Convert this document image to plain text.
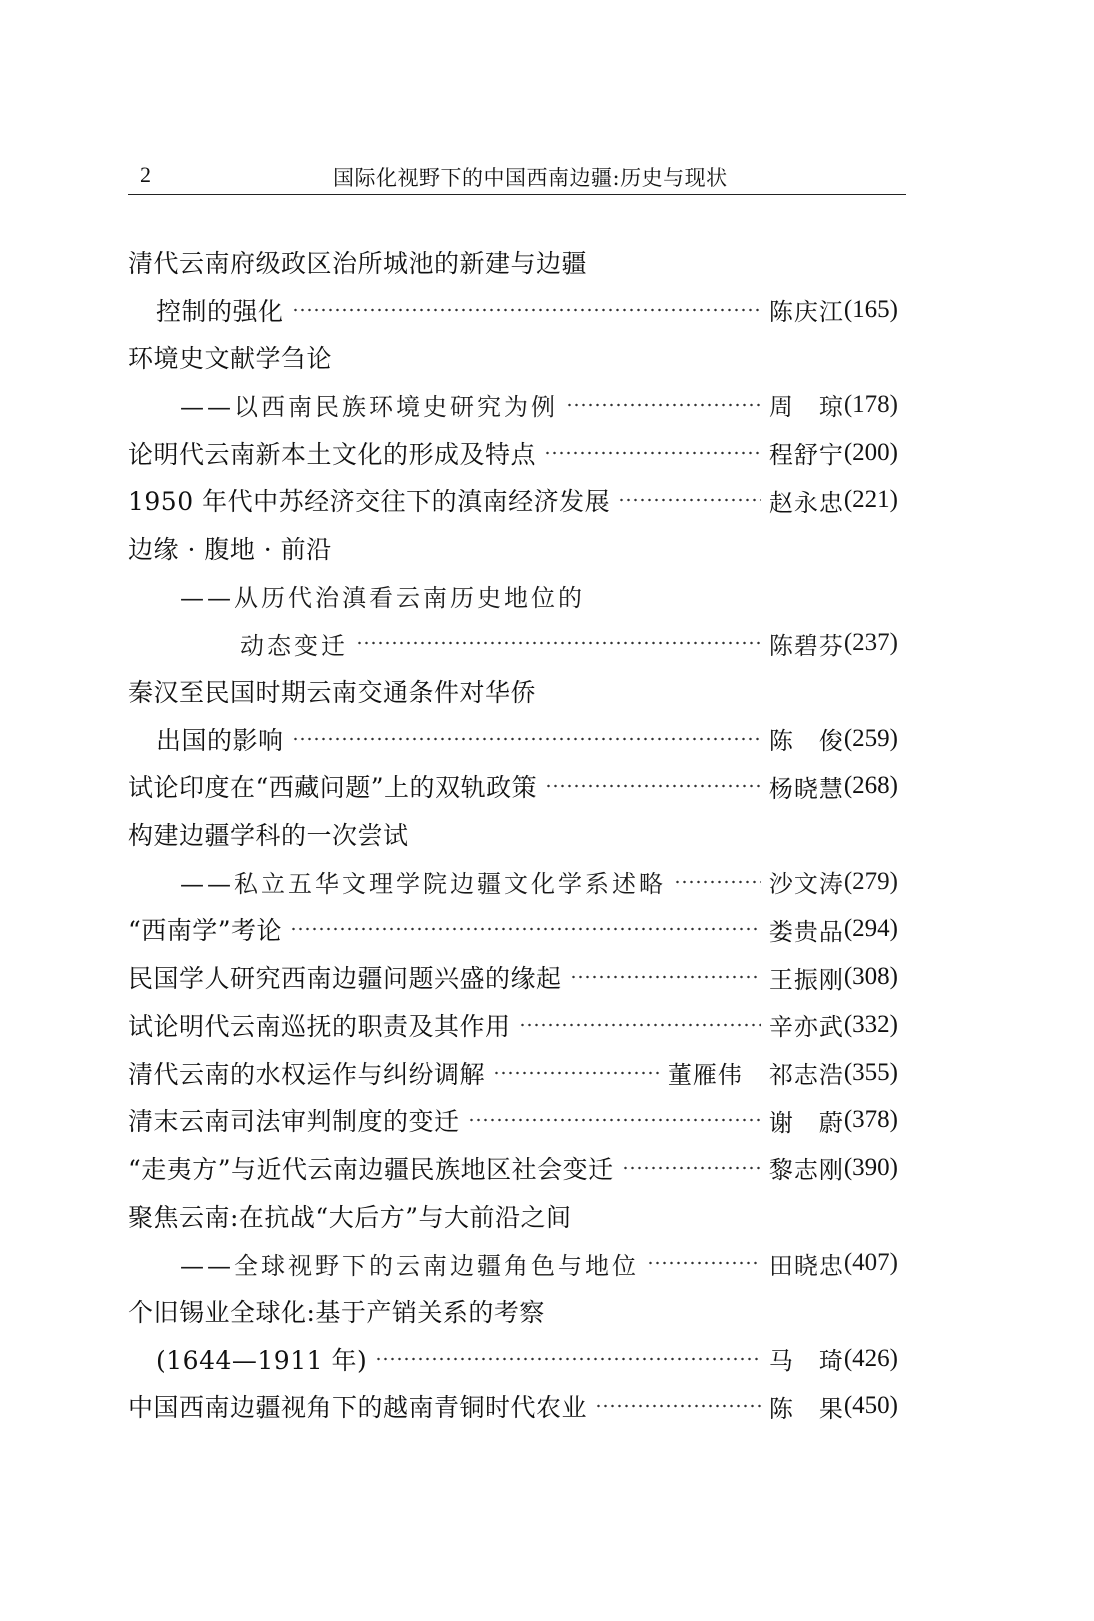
2	国际化视野下的中国西南边疆:历史与现状
清代云南府级政区治所城池的新建与边疆
控制的强化	陈庆江 (165)
环境史文献学刍论
——以西南民族环境史研究为例	周　琼 (178)
论明代云南新本土文化的形成及特点	程舒宁 (200)
1950 年代中苏经济交往下的滇南经济发展	赵永忠 (221)
边缘 · 腹地 · 前沿
——从历代治滇看云南历史地位的
动态变迁	陈碧芬 (237)
秦汉至民国时期云南交通条件对华侨
出国的影响	陈　俊 (259)
试论印度在“西藏问题”上的双轨政策	杨晓慧 (268)
构建边疆学科的一次尝试
——私立五华文理学院边疆文化学系述略	沙文涛 (279)
“西南学”考论	娄贵品 (294)
民国学人研究西南边疆问题兴盛的缘起	王振刚 (308)
试论明代云南巡抚的职责及其作用	辛亦武 (332)
清代云南的水权运作与纠纷调解	董雁伟 祁志浩 (355)
清末云南司法审判制度的变迁	谢　蔚 (378)
“走夷方”与近代云南边疆民族地区社会变迁	黎志刚 (390)
聚焦云南:在抗战“大后方”与大前沿之间
——全球视野下的云南边疆角色与地位	田晓忠 (407)
个旧锡业全球化:基于产销关系的考察
(1644—1911 年)	马　琦 (426)
中国西南边疆视角下的越南青铜时代农业	陈　果 (450)
